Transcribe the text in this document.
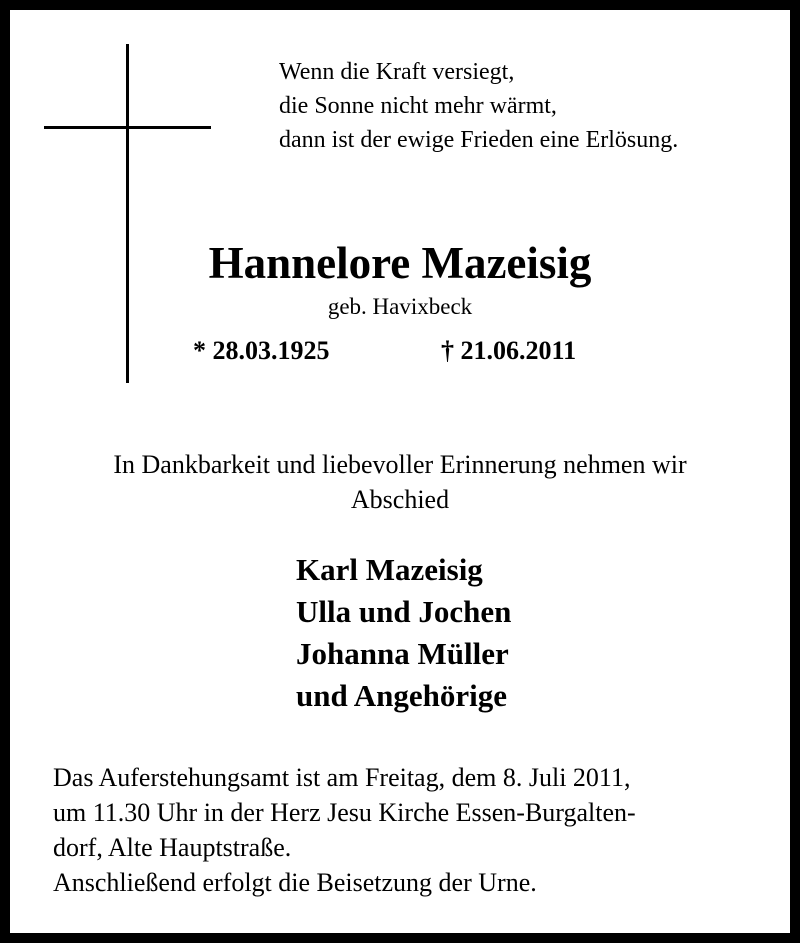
Wenn die Kraft versiegt,
die Sonne nicht mehr wärmt,
dann ist der ewige Frieden eine Erlösung.
Hannelore Mazeisig
geb. Havixbeck
* 28.03.1925	† 21.06.2011
In Dankbarkeit und liebevoller Erinnerung nehmen wir
Abschied
Karl Mazeisig
Ulla und Jochen
Johanna Müller
und Angehörige
Das Auferstehungsamt ist am Freitag, dem 8. Juli 2011,
um 11.30 Uhr in der Herz Jesu Kirche Essen-Burgalten-
dorf, Alte Hauptstraße.
Anschließend erfolgt die Beisetzung der Urne.
